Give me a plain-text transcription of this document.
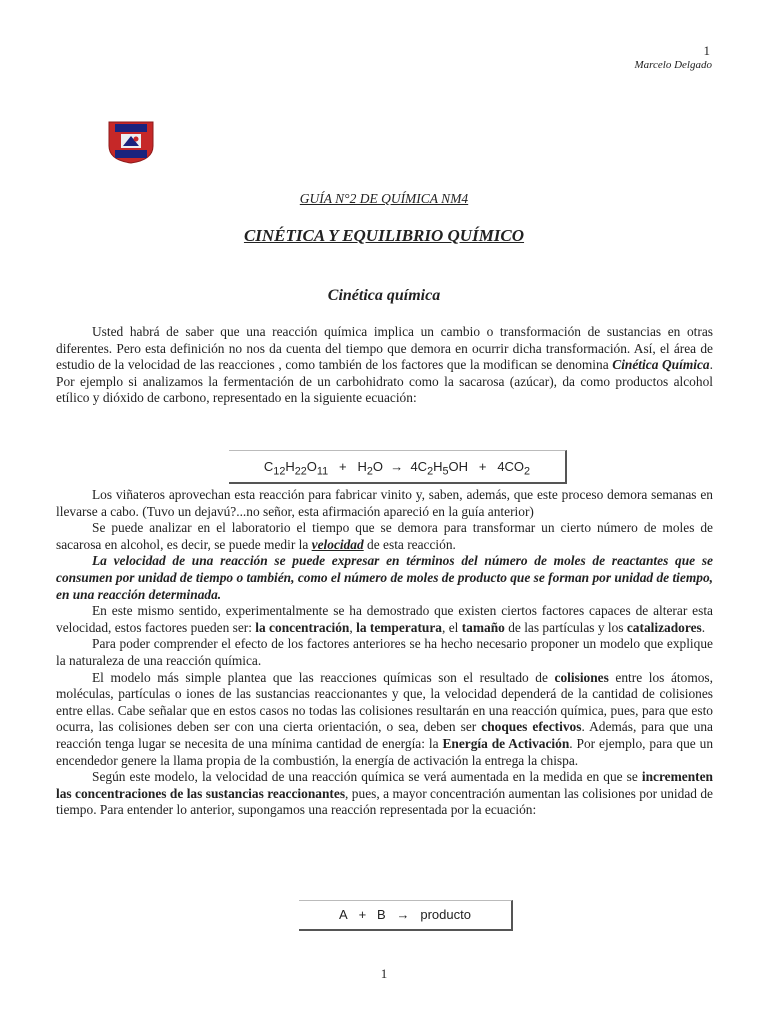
1
Marcelo Delgado
GUÍA N°2 DE QUÍMICA NM4
CINÉTICA Y EQUILIBRIO QUÍMICO
Cinética química

Usted habrá de saber que una reacción química implica un cambio o transformación de sustancias en otras diferentes. Pero esta definición no nos da cuenta del tiempo que demora en ocurrir dicha transformación. Así, el área de estudio de la velocidad de las reacciones , como también de los factores que la modifican se denomina Cinética Química. Por ejemplo si analizamos la fermentación de un carbohidrato como la sacarosa (azúcar), da como productos alcohol etílico y dióxido de carbono, representado en la siguiente ecuación:

$C_{12}H_{22}O_{11} + H_2O \to 4C_2H_5OH + 4CO_2$

Los viñateros aprovechan esta reacción para fabricar vinito y, saben, además, que este proceso demora semanas en llevarse a cabo. (Tuvo un dejavú?...no señor, esta afirmación apareció en la guía anterior)

Se puede analizar en el laboratorio el tiempo que se demora para transformar un cierto número de moles de sacarosa en alcohol, es decir, se puede medir la velocidad de esta reacción.

La velocidad de una reacción se puede expresar en términos del número de moles de reactantes que se consumen por unidad de tiempo o también, como el número de moles de producto que se forman por unidad de tiempo, en una reacción determinada.

En este mismo sentido, experimentalmente se ha demostrado que existen ciertos factores capaces de alterar esta velocidad, estos factores pueden ser: la concentración, la temperatura, el tamaño de las partículas y los catalizadores.

Para poder comprender el efecto de los factores anteriores se ha hecho necesario proponer un modelo que explique la naturaleza de una reacción química.

El modelo más simple plantea que las reacciones químicas son el resultado de colisiones entre los átomos, moléculas, partículas o iones de las sustancias reaccionantes y que, la velocidad dependerá de la cantidad de colisiones entre ellas. Cabe señalar que en estos casos no todas las colisiones resultarán en una reacción química, pues, para que esto ocurra, las colisiones deben ser con una cierta orientación, o sea, deben ser choques efectivos. Además, para que una reacción tenga lugar se necesita de una mínima cantidad de energía: la Energía de Activación. Por ejemplo, para que un encendedor genere la llama propia de la combustión, la energía de activación la entrega la chispa.

Según este modelo, la velocidad de una reacción química se verá aumentada en la medida en que se incrementen las concentraciones de las sustancias reaccionantes, pues, a mayor concentración aumentan las colisiones por unidad de tiempo. Para entender lo anterior, supongamos una reacción representada por la ecuación:

A + B → producto
1
